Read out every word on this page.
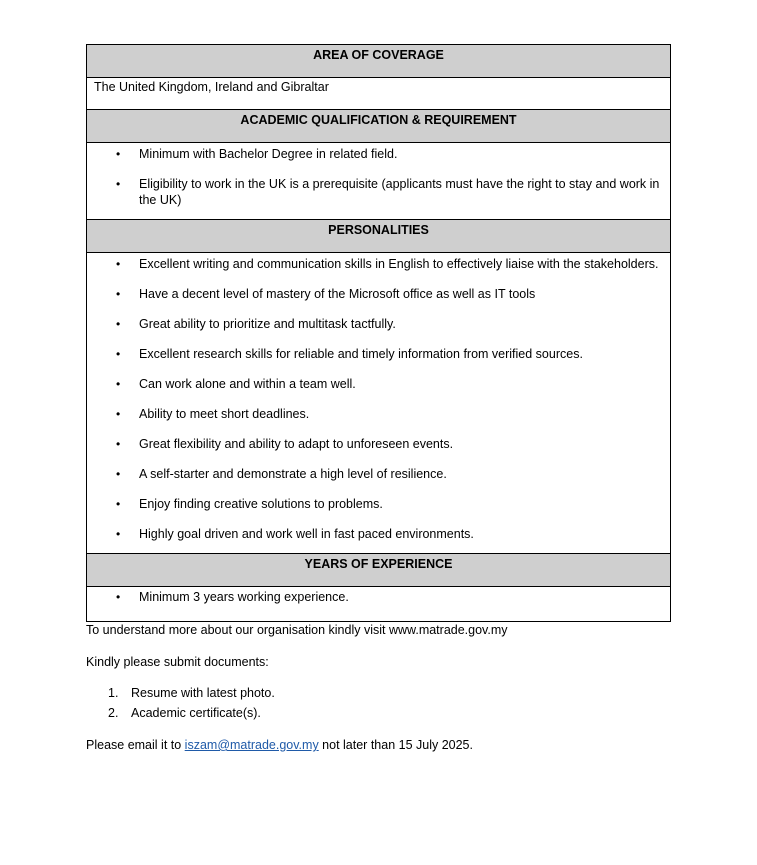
AREA OF COVERAGE

The United Kingdom, Ireland and Gibraltar

ACADEMIC QUALIFICATION & REQUIREMENT

• Minimum with Bachelor Degree in related field.
• Eligibility to work in the UK is a prerequisite (applicants must have the right to stay and work in the UK)

PERSONALITIES

• Excellent writing and communication skills in English to effectively liaise with the stakeholders.
• Have a decent level of mastery of the Microsoft office as well as IT tools
• Great ability to prioritize and multitask tactfully.
• Excellent research skills for reliable and timely information from verified sources.
• Can work alone and within a team well.
• Ability to meet short deadlines.
• Great flexibility and ability to adapt to unforeseen events.
• A self-starter and demonstrate a high level of resilience.
• Enjoy finding creative solutions to problems.
• Highly goal driven and work well in fast paced environments.

YEARS OF EXPERIENCE

• Minimum 3 years working experience.
To understand more about our organisation kindly visit www.matrade.gov.my
Kindly please submit documents:
1. Resume with latest photo.
2. Academic certificate(s).
Please email it to iszam@matrade.gov.my not later than 15 July 2025.
